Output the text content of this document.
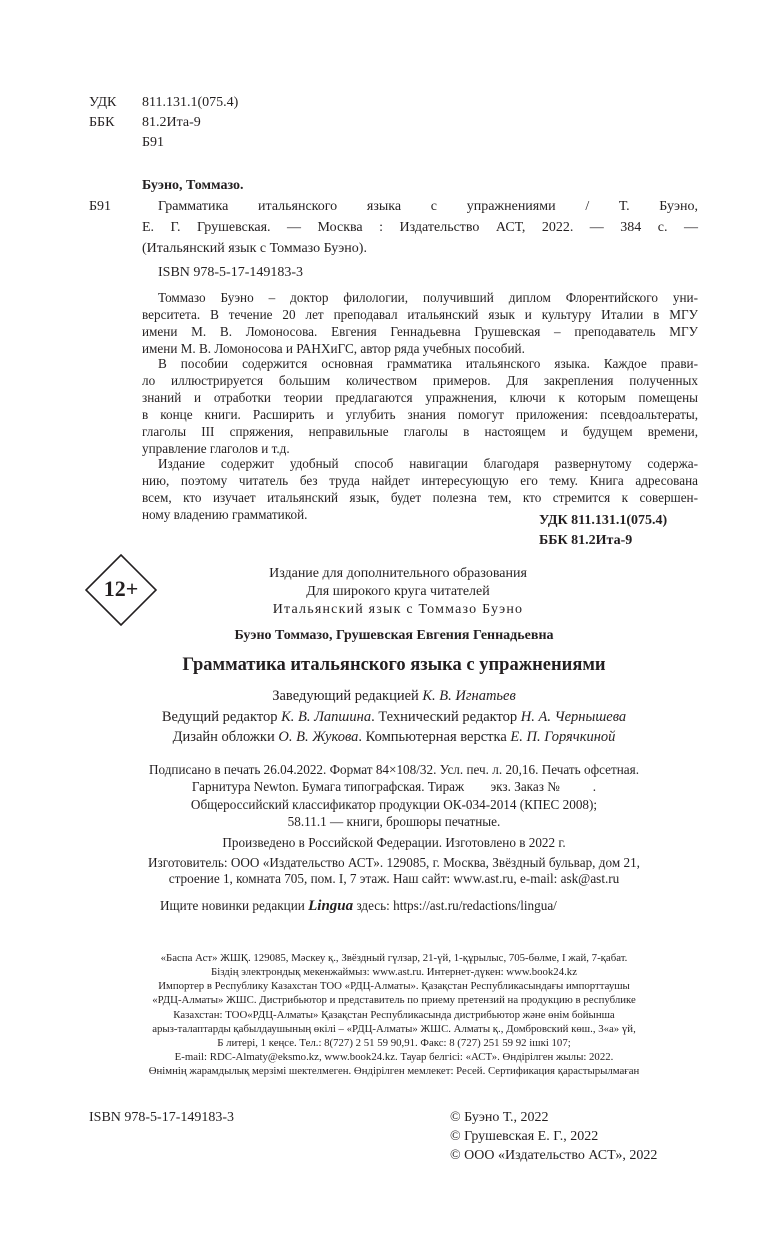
УДК 811.131.1(075.4)
ББК 81.2Ита-9
Б91
Буэно, Томмазо.
Б91	Грамматика итальянского языка с упражнениями / Т. Буэно,
Е. Г. Грушевская. — Москва : Издательство АСТ, 2022. — 384 с. —
(Итальянский язык с Томмазо Буэно).
ISBN 978-5-17-149183-3
Томмазо Буэно – доктор филологии, получивший диплом Флорентийского уни-
верситета. В течение 20 лет преподавал итальянский язык и культуру Италии в МГУ
имени М. В. Ломоносова. Евгения Геннадьевна Грушевская – преподаватель МГУ
имени М. В. Ломоносова и РАНХиГС, автор ряда учебных пособий.
В пособии содержится основная грамматика итальянского языка. Каждое прави-
ло иллюстрируется большим количеством примеров. Для закрепления полученных
знаний и отработки теории предлагаются упражнения, ключи к которым помещены
в конце книги. Расширить и углубить знания помогут приложения: псевдоальтераты,
глаголы III спряжения, неправильные глаголы в настоящем и будущем времени,
управление глаголов и т.д.
Издание содержит удобный способ навигации благодаря развернутому содержа-
нию, поэтому читатель без труда найдет интересующую его тему. Книга адресована
всем, кто изучает итальянский язык, будет полезна тем, кто стремится к совершен-
ному владению грамматикой.	УДК 811.131.1(075.4)
ББК 81.2Ита-9
12+
Издание для дополнительного образования
Для широкого круга читателей
Итальянский язык с Томмазо Буэно
Буэно Томмазо, Грушевская Евгения Геннадьевна
Грамматика итальянского языка с упражнениями
Заведующий редакцией К. В. Игнатьев
Ведущий редактор К. В. Лапшина. Технический редактор Н. А. Чернышева
Дизайн обложки О. В. Жукова. Компьютерная верстка Е. П. Горячкиной
Подписано в печать 26.04.2022. Формат 84×108/32. Усл. печ. л. 20,16. Печать офсетная.
Гарнитура Newton. Бумага типографская. Тираж        экз. Заказ №          .
Общероссийский классификатор продукции ОК-034-2014 (КПЕС 2008);
58.11.1 — книги, брошюры печатные.
Произведено в Российской Федерации. Изготовлено в 2022 г.
Изготовитель: ООО «Издательство АСТ». 129085, г. Москва, Звёздный бульвар, дом 21,
строение 1, комната 705, пом. I, 7 этаж. Наш сайт: www.ast.ru, e-mail: ask@ast.ru
Ищите новинки редакции Lingua здесь: https://ast.ru/redactions/lingua/
«Баспа Аст» ЖШҚ. 129085, Мәскеу қ., Звёздный гүлзар, 21-үй, 1-құрылыс, 705-бөлме, I жай, 7-қабат.
Біздің электрондық мекенжаймыз: www.ast.ru. Интернет-дүкен: www.book24.kz
Импортер в Республику Казахстан ТОО «РДЦ-Алматы». Қазақстан Республикасындағы импорттаушы
«РДЦ-Алматы» ЖШС. Дистрибьютор и представитель по приему претензий на продукцию в республике
Казахстан: ТОО«РДЦ-Алматы» Қазақстан Республикасында дистрибьютор және өнім бойынша
арыз-талаптарды қабылдаушының өкілі – «РДЦ-Алматы» ЖШС. Алматы қ., Домбровский көш., 3«а» үй,
Б литері, 1 кеңсе. Тел.: 8(727) 2 51 59 90,91. Факс: 8 (727) 251 59 92 ішкі 107;
E-mail: RDC-Almaty@eksmo.kz, www.book24.kz. Тауар белгісі: «АСТ». Өндірілген жылы: 2022.
Өнімнің жарамдылық мерзімі шектелмеген. Өндірілген мемлекет: Ресей. Сертификация қарастырылмаған
ISBN 978-5-17-149183-3	© Буэно Т., 2022
© Грушевская Е. Г., 2022
© ООО «Издательство АСТ», 2022
